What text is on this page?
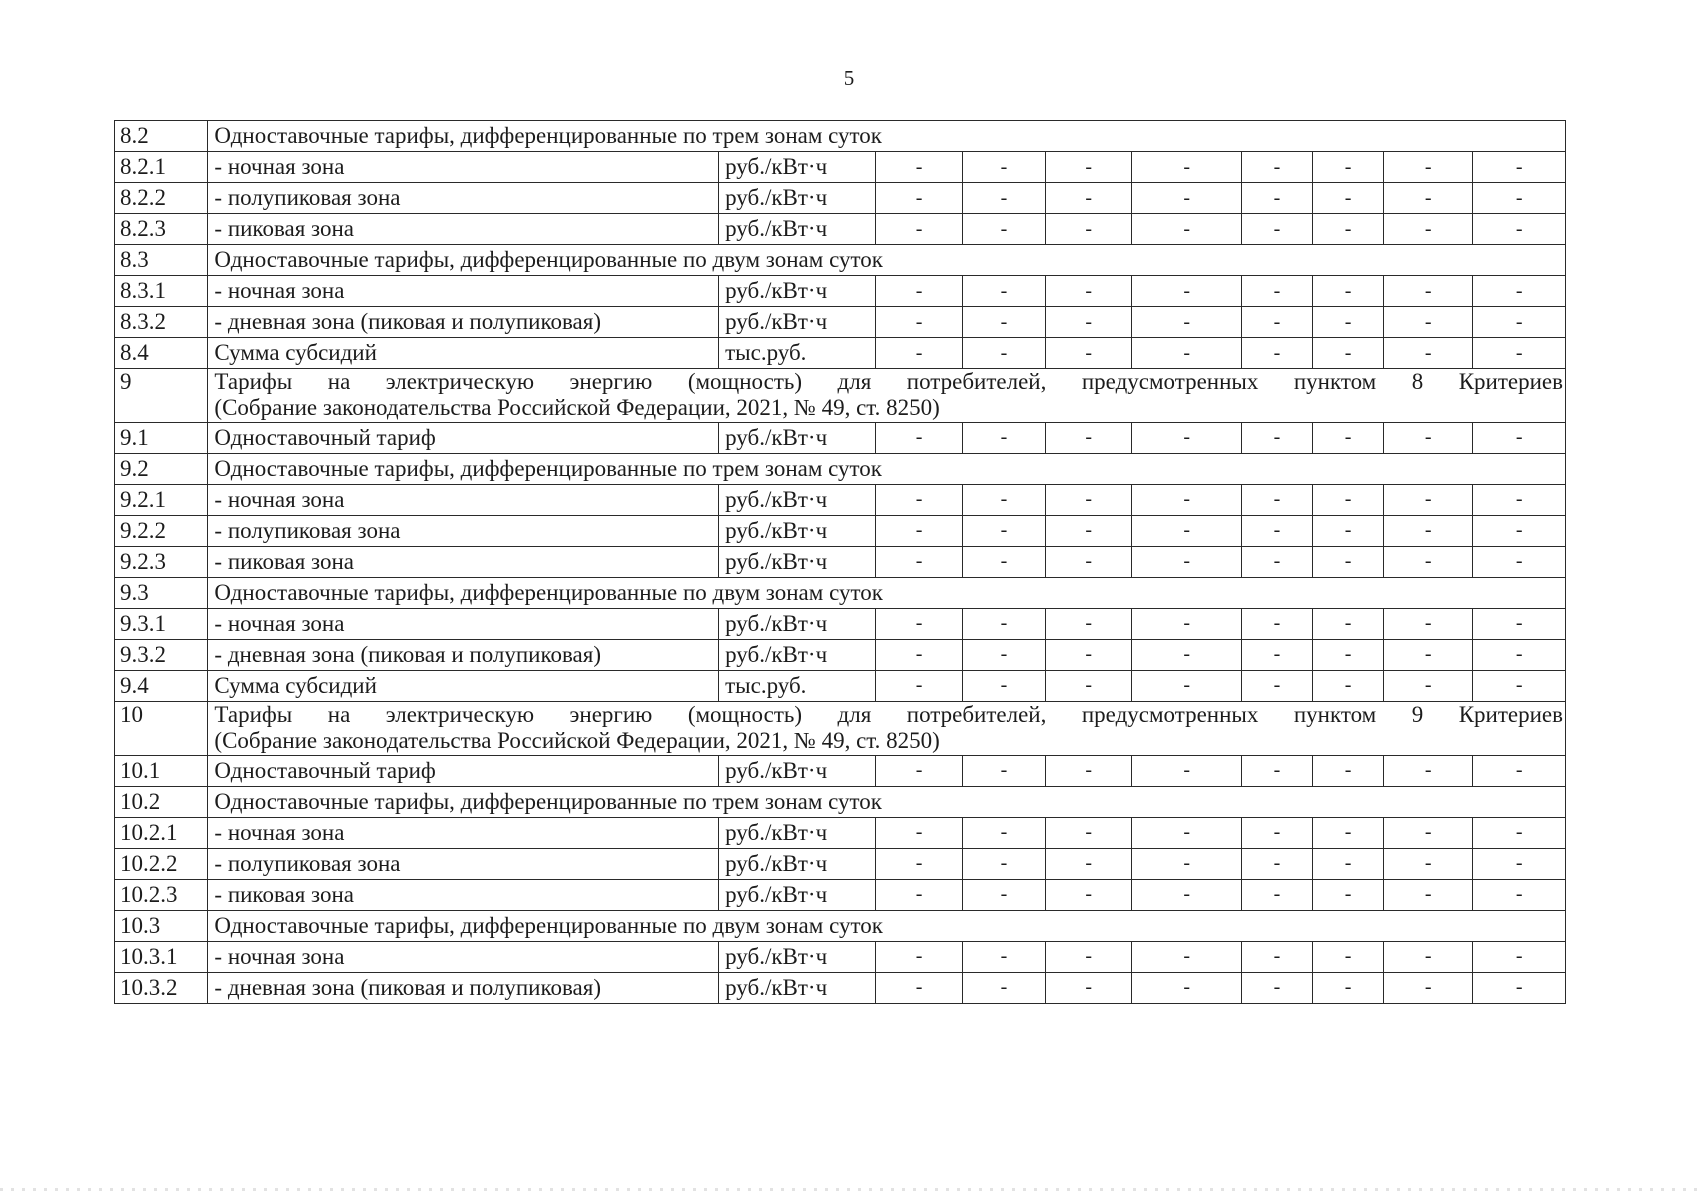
5
8.2	Одноставочные тарифы, дифференцированные по трем зонам суток									
8.2.1	- ночная зона	руб./кВт·ч	-	-	-	-	-	-	-	-
8.2.2	- полупиковая зона	руб./кВт·ч	-	-	-	-	-	-	-	-
8.2.3	- пиковая зона	руб./кВт·ч	-	-	-	-	-	-	-	-
8.3	Одноставочные тарифы, дифференцированные по двум зонам суток									
8.3.1	- ночная зона	руб./кВт·ч	-	-	-	-	-	-	-	-
8.3.2	- дневная зона (пиковая и полупиковая)	руб./кВт·ч	-	-	-	-	-	-	-	-
8.4	Сумма субсидий	тыс.руб.	-	-	-	-	-	-	-	-
9	Тарифы на электрическую энергию (мощность) для потребителей, предусмотренных пунктом 8 Критериев
(Собрание законодательства Российской Федерации, 2021, № 49, ст. 8250)									

9.1	Одноставочный тариф	руб./кВт·ч	-	-	-	-	-	-	-	-
9.2	Одноставочные тарифы, дифференцированные по трем зонам суток									
9.2.1	- ночная зона	руб./кВт·ч	-	-	-	-	-	-	-	-
9.2.2	- полупиковая зона	руб./кВт·ч	-	-	-	-	-	-	-	-
9.2.3	- пиковая зона	руб./кВт·ч	-	-	-	-	-	-	-	-
9.3	Одноставочные тарифы, дифференцированные по двум зонам суток									
9.3.1	- ночная зона	руб./кВт·ч	-	-	-	-	-	-	-	-
9.3.2	- дневная зона (пиковая и полупиковая)	руб./кВт·ч	-	-	-	-	-	-	-	-
9.4	Сумма субсидий	тыс.руб.	-	-	-	-	-	-	-	-
10	Тарифы на электрическую энергию (мощность) для потребителей, предусмотренных пунктом 9 Критериев
(Собрание законодательства Российской Федерации, 2021, № 49, ст. 8250)									

10.1	Одноставочный тариф	руб./кВт·ч	-	-	-	-	-	-	-	-
10.2	Одноставочные тарифы, дифференцированные по трем зонам суток									
10.2.1	- ночная зона	руб./кВт·ч	-	-	-	-	-	-	-	-
10.2.2	- полупиковая зона	руб./кВт·ч	-	-	-	-	-	-	-	-
10.2.3	- пиковая зона	руб./кВт·ч	-	-	-	-	-	-	-	-
10.3	Одноставочные тарифы, дифференцированные по двум зонам суток									
10.3.1	- ночная зона	руб./кВт·ч	-	-	-	-	-	-	-	-
10.3.2	- дневная зона (пиковая и полупиковая)	руб./кВт·ч	-	-	-	-	-	-	-	-
